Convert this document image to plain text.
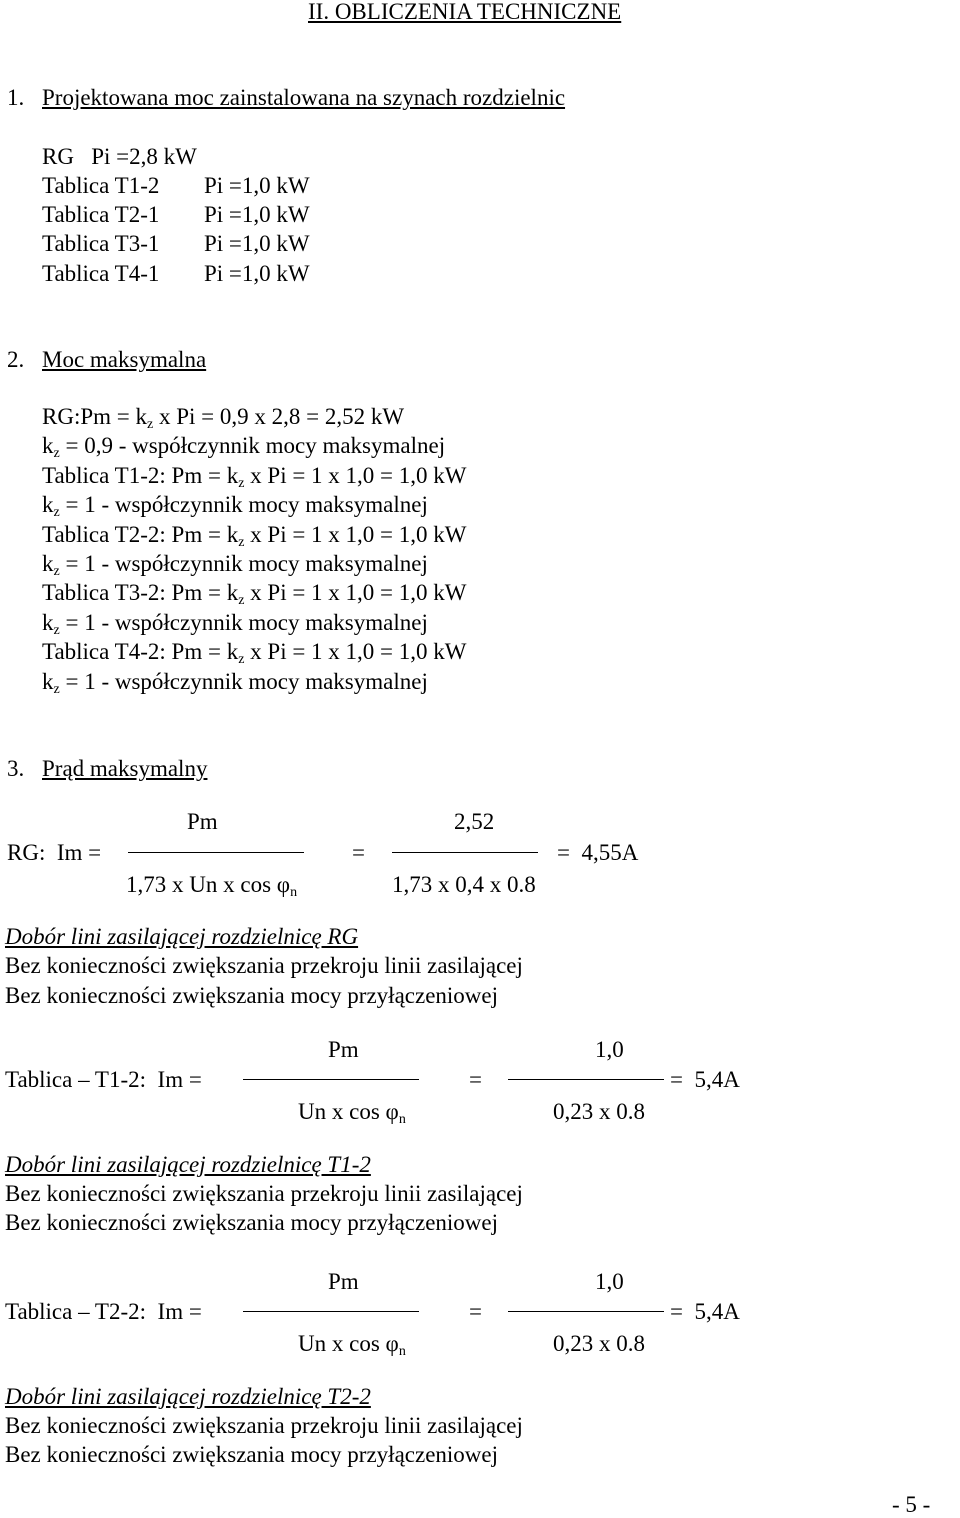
II. OBLICZENIA TECHNICZNE
1. Projektowana moc zainstalowana na szynach rozdzielnic
RG   Pi =2,8 kW
Tablica T1-2 Pi =1,0 kW
Tablica T2-1 Pi =1,0 kW
Tablica T3-1 Pi =1,0 kW
Tablica T4-1 Pi =1,0 kW
2. Moc maksymalna
RG:Pm = $k_z$ x Pi = 0,9 x 2,8 = 2,52 kW
$k_z = 0,9$ - współczynnik mocy maksymalnej
Tablica T1-2: $Pm = k_z$ x Pi = 1 x 1,0 = 1,0 kW
$k_z = 1$ - współczynnik mocy maksymalnej
Tablica T2-2: $Pm = k_z$ x Pi = 1 x 1,0 = 1,0 kW
$k_z = 1$ - współczynnik mocy maksymalnej
Tablica T3-2: $Pm = k_z$ x Pi = 1 x 1,0 = 1,0 kW
$k_z = 1$ - współczynnik mocy maksymalnej
Tablica T4-2: $Pm = k_z$ x Pi = 1 x 1,0 = 1,0 kW
$k_z = 1$ - współczynnik mocy maksymalnej
3. Prąd maksymalny
Pm	2,52
RG:  Im =	=	=  4,55A
1,73 x Un x $\cos \varphi_n$	1,73 x 0,4 x 0.8
Dobór lini zasilającej rozdzielnicę RG
Bez konieczności zwiększania przekroju linii zasilającej
Bez konieczności zwiększania mocy przyłączeniowej
Pm	1,0
Tablica – T1-2:  Im =	=	=  5,4A
Un x $\cos \varphi_n$	0,23 x 0.8
Dobór lini zasilającej rozdzielnicę T1-2
Bez konieczności zwiększania przekroju linii zasilającej
Bez konieczności zwiększania mocy przyłączeniowej
Pm	1,0
Tablica – T2-2:  Im =	=	=  5,4A
Un x $\cos \varphi_n$	0,23 x 0.8
Dobór lini zasilającej rozdzielnicę T2-2
Bez konieczności zwiększania przekroju linii zasilającej
Bez konieczności zwiększania mocy przyłączeniowej
- 5 -
